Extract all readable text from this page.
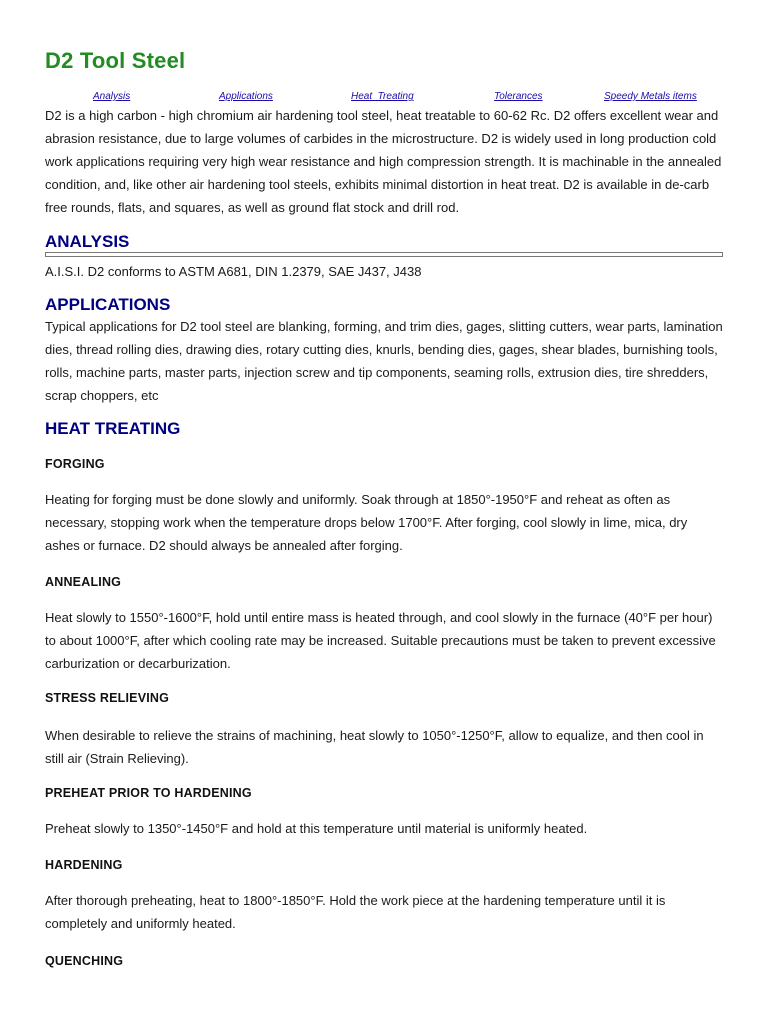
D2 Tool Steel
Analysis	Applications	Heat_Treating	Tolerances	Speedy Metals items

D2 is a high carbon - high chromium air hardening tool steel, heat treatable to 60-62 Rc. D2 offers excellent wear and abrasion resistance, due to large volumes of carbides in the microstructure. D2 is widely used in long production cold work applications requiring very high wear resistance and high compression strength. It is machinable in the annealed condition, and, like other air hardening tool steels, exhibits minimal distortion in heat treat. D2 is available in de-carb free rounds, flats, and squares, as well as ground flat stock and drill rod.

ANALYSIS

A.I.S.I. D2 conforms to ASTM A681, DIN 1.2379, SAE J437, J438

APPLICATIONS

Typical applications for D2 tool steel are blanking, forming, and trim dies, gages, slitting cutters, wear parts, lamination dies, thread rolling dies, drawing dies, rotary cutting dies, knurls, bending dies, gages, shear blades, burnishing tools, rolls, machine parts, master parts, injection screw and tip components, seaming rolls, extrusion dies, tire shredders, scrap choppers, etc

HEAT TREATING
FORGING

Heating for forging must be done slowly and uniformly. Soak through at 1850°-1950°F and reheat as often as necessary, stopping work when the temperature drops below 1700°F. After forging, cool slowly in lime, mica, dry ashes or furnace. D2 should always be annealed after forging.

ANNEALING

Heat slowly to 1550°-1600°F, hold until entire mass is heated through, and cool slowly in the furnace (40°F per hour) to about 1000°F, after which cooling rate may be increased. Suitable precautions must be taken to prevent excessive carburization or decarburization.

STRESS RELIEVING

When desirable to relieve the strains of machining, heat slowly to 1050°-1250°F, allow to equalize, and then cool in still air (Strain Relieving).

PREHEAT PRIOR TO HARDENING

Preheat slowly to 1350°-1450°F and hold at this temperature until material is uniformly heated.

HARDENING

After thorough preheating, heat to 1800°-1850°F. Hold the work piece at the hardening temperature until it is completely and uniformly heated.

QUENCHING
